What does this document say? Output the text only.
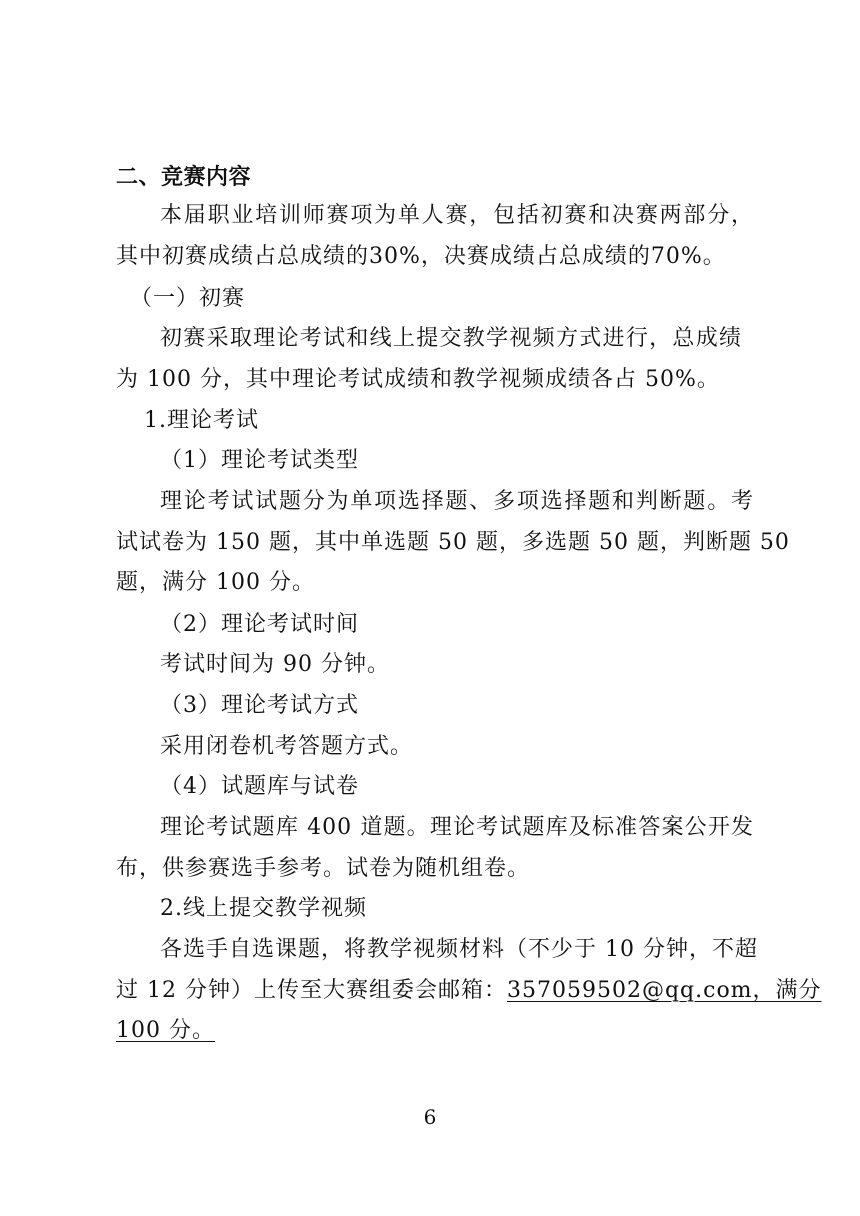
二、竞赛内容
本届职业培训师赛项为单人赛，包括初赛和决赛两部分，
其中初赛成绩占总成绩的30%，决赛成绩占总成绩的70%。
（一）初赛
初赛采取理论考试和线上提交教学视频方式进行，总成绩
为 100 分，其中理论考试成绩和教学视频成绩各占 50%。
1.理论考试
（1）理论考试类型
理论考试试题分为单项选择题、多项选择题和判断题。考
试试卷为 150 题，其中单选题 50 题，多选题 50 题，判断题 50
题，满分 100 分。
（2）理论考试时间
考试时间为 90 分钟。
（3）理论考试方式
采用闭卷机考答题方式。
（4）试题库与试卷
理论考试题库 400 道题。理论考试题库及标准答案公开发
布，供参赛选手参考。试卷为随机组卷。
2.线上提交教学视频
各选手自选课题，将教学视频材料（不少于 10 分钟，不超
过 12 分钟）上传至大赛组委会邮箱：357059502@qq.com，满分
100 分。
6
